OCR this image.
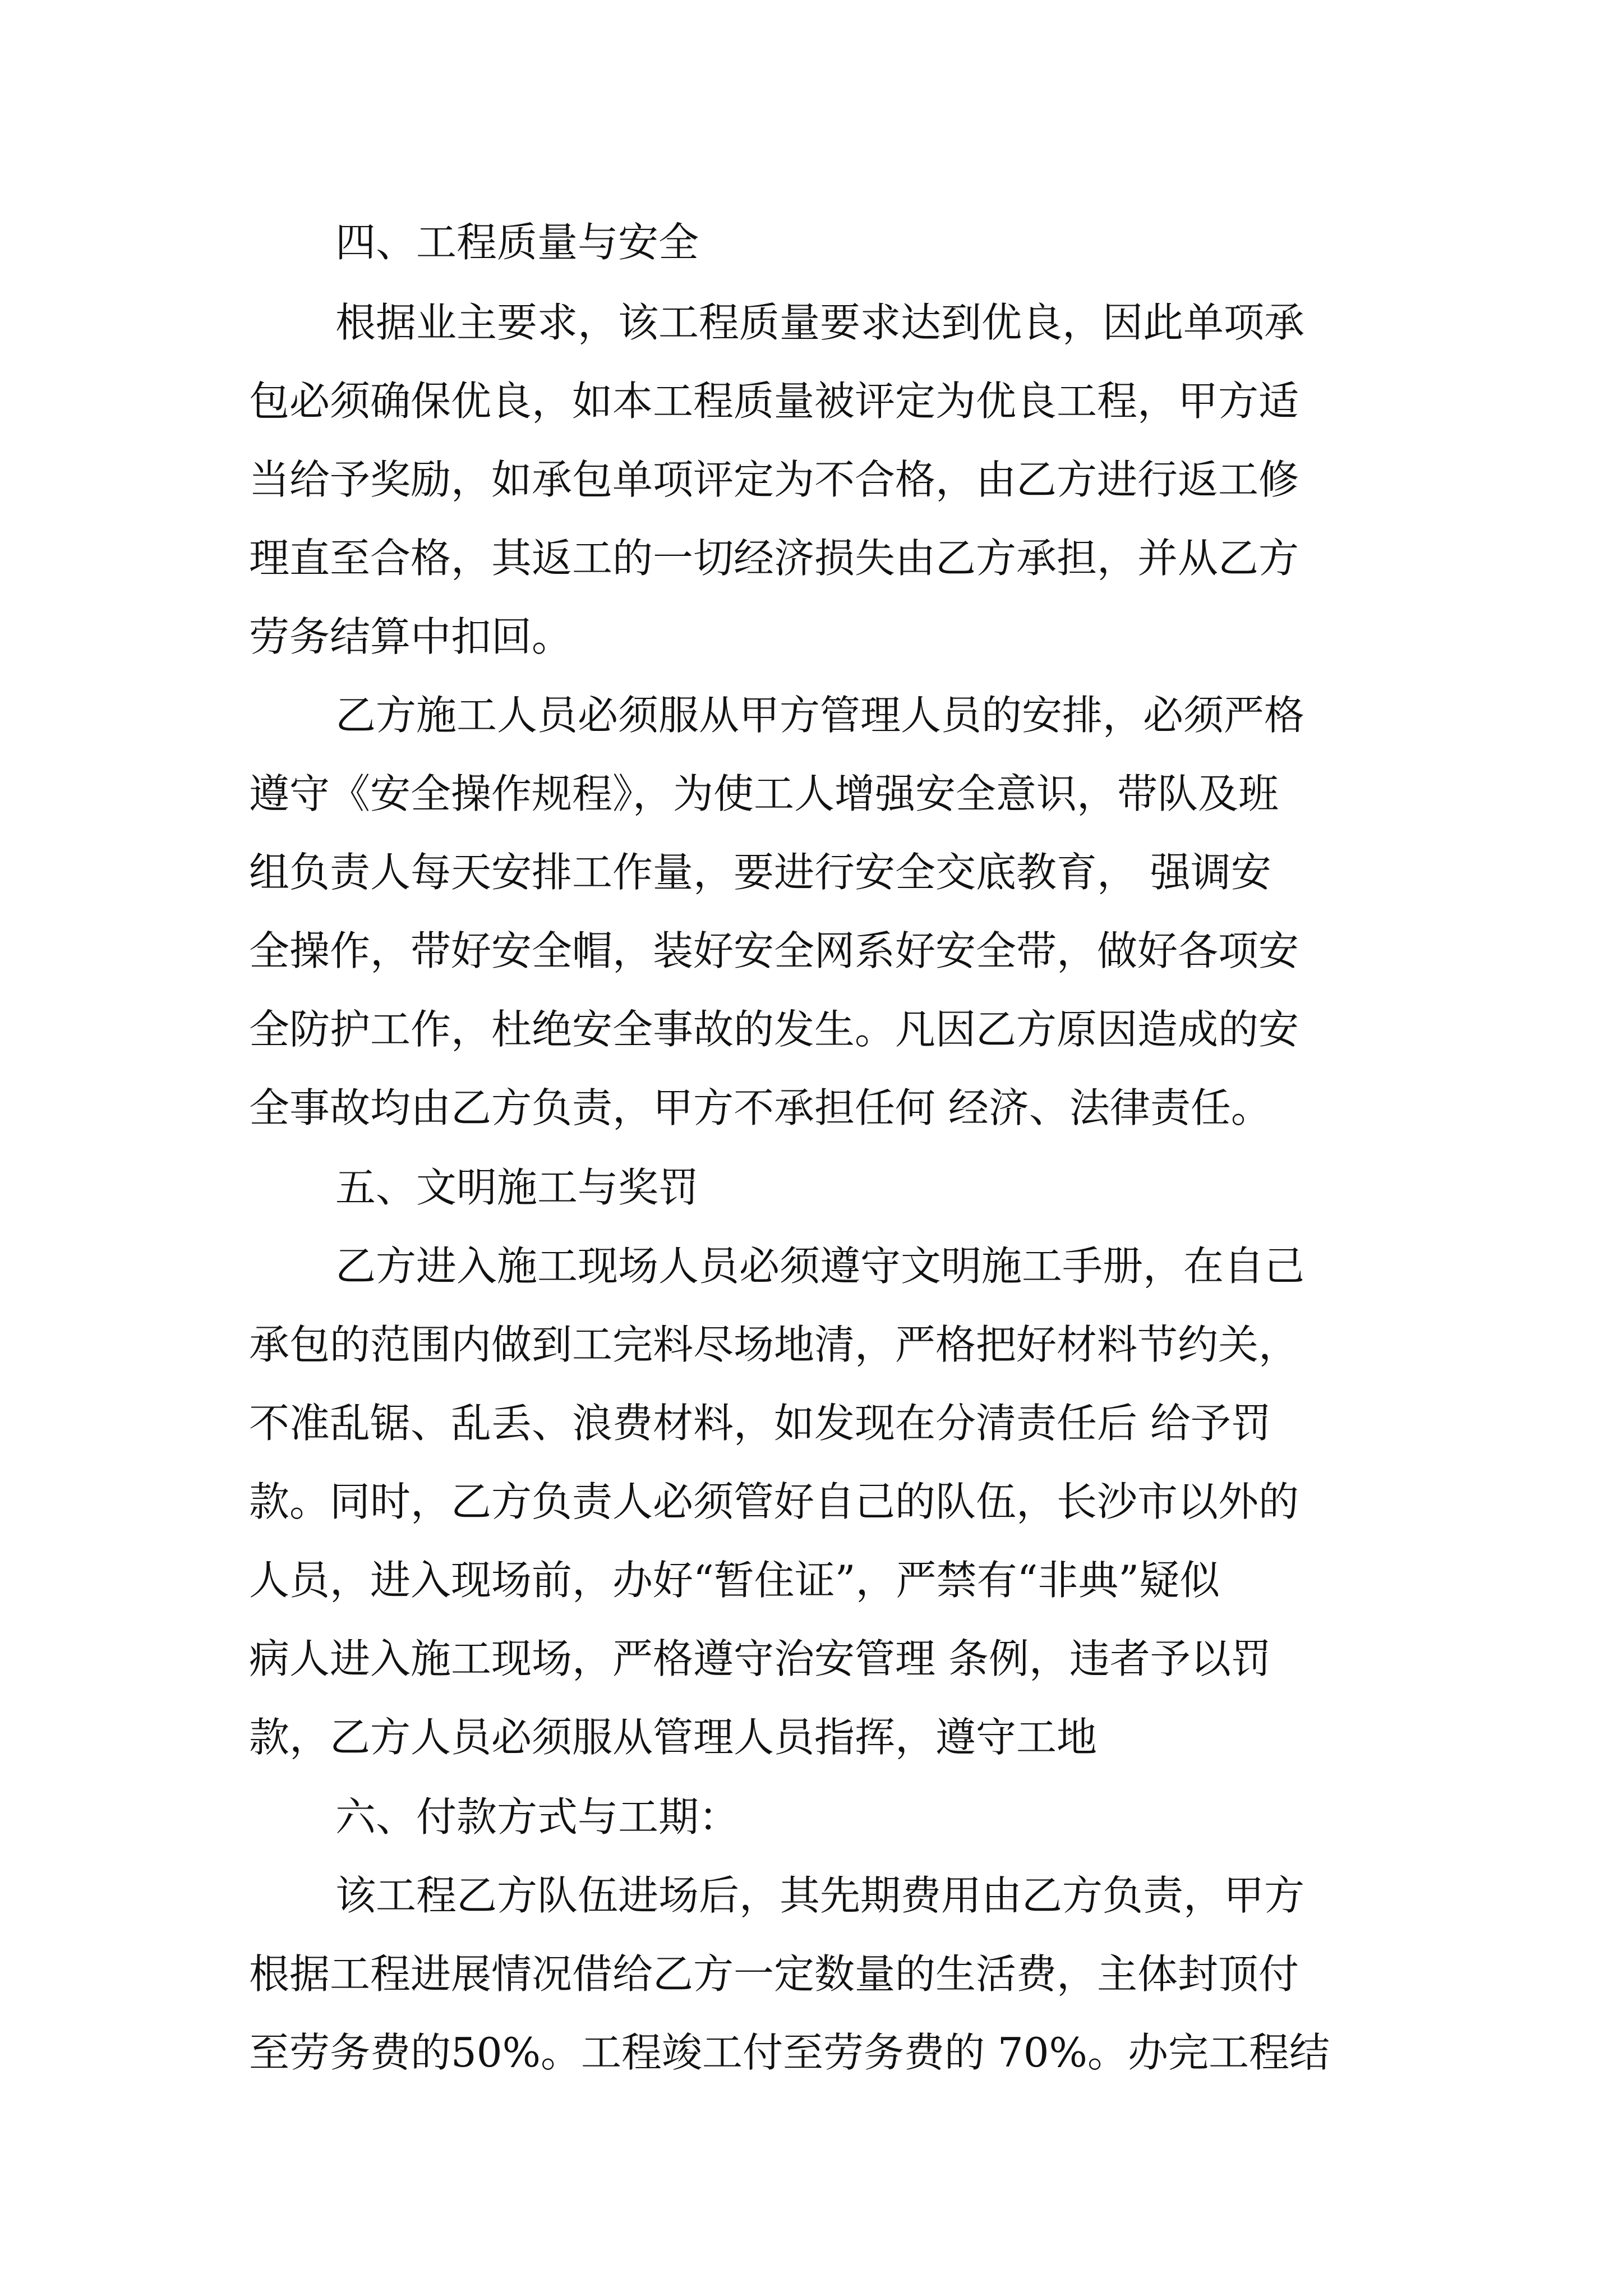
四、工程质量与安全

根据业主要求，该工程质量要求达到优良，因此单项承

包必须确保优良，如本工程质量被评定为优良工程，甲方适

当给予奖励，如承包单项评定为不合格，由乙方进行返工修

理直至合格，其返工的一切经济损失由乙方承担，并从乙方

劳务结算中扣回。

乙方施工人员必须服从甲方管理人员的安排，必须严格

遵守《安全操作规程》，为使工人增强安全意识，带队及班

组负责人每天安排工作量，要进行安全交底教育， 强调安

全操作，带好安全帽，装好安全网系好安全带，做好各项安

全防护工作，杜绝安全事故的发生。凡因乙方原因造成的安

全事故均由乙方负责，甲方不承担任何 经济、法律责任。

五、文明施工与奖罚

乙方进入施工现场人员必须遵守文明施工手册，在自己

承包的范围内做到工完料尽场地清，严格把好材料节约关，

不准乱锯、乱丢、浪费材料，如发现在分清责任后 给予罚

款。同时，乙方负责人必须管好自己的队伍，长沙市以外的

人员，进入现场前，办好“暂住证”，严禁有“非典”疑似

病人进入施工现场，严格遵守治安管理 条例，违者予以罚

款，乙方人员必须服从管理人员指挥，遵守工地

六、付款方式与工期：

该工程乙方队伍进场后，其先期费用由乙方负责，甲方

根据工程进展情况借给乙方一定数量的生活费，主体封顶付

至劳务费的50%。工程竣工付至劳务费的 70%。办完工程结
